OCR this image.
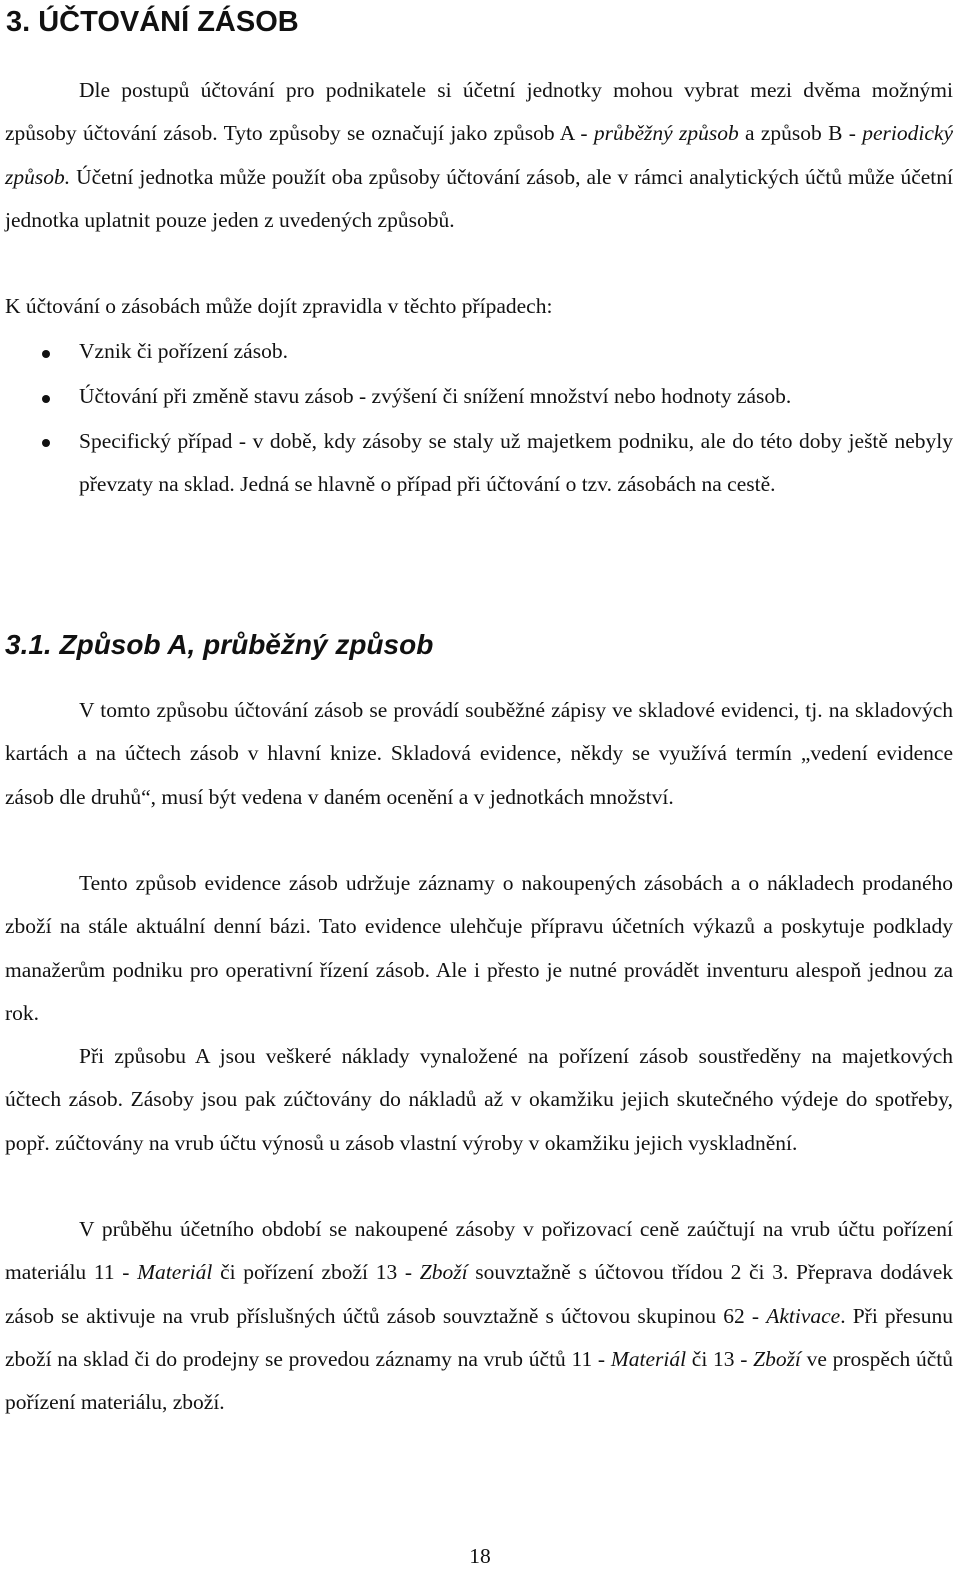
3. ÚČTOVÁNÍ ZÁSOB

Dle postupů účtování pro podnikatele si účetní jednotky mohou vybrat mezi dvěma možnými způsoby účtování zásob. Tyto způsoby se označují jako způsob A - průběžný způsob a způsob B - periodický způsob. Účetní jednotka může použít oba způsoby účtování zásob, ale v rámci analytických účtů může účetní jednotka uplatnit pouze jeden z uvedených způsobů.

K účtování o zásobách může dojít zpravidla v těchto případech:

Vznik či pořízení zásob.

Účtování při změně stavu zásob - zvýšení či snížení množství nebo hodnoty zásob.

Specifický případ - v době, kdy zásoby se staly už majetkem podniku, ale do této doby ještě nebyly převzaty na sklad. Jedná se hlavně o případ při účtování o tzv. zásobách na cestě.

3.1. Způsob A, průběžný způsob

V tomto způsobu účtování zásob se provádí souběžné zápisy ve skladové evidenci, tj. na skladových kartách a na účtech zásob v hlavní knize. Skladová evidence, někdy se využívá termín „vedení evidence zásob dle druhů“, musí být vedena v daném ocenění a v jednotkách množství.

Tento způsob evidence zásob udržuje záznamy o nakoupených zásobách a o nákladech prodaného zboží na stále aktuální denní bázi. Tato evidence ulehčuje přípravu účetních výkazů a poskytuje podklady manažerům podniku pro operativní řízení zásob. Ale i přesto je nutné provádět inventuru alespoň jednou za rok.

Při způsobu A jsou veškeré náklady vynaložené na pořízení zásob soustředěny na majetkových účtech zásob. Zásoby jsou pak zúčtovány do nákladů až v okamžiku jejich skutečného výdeje do spotřeby, popř. zúčtovány na vrub účtu výnosů u zásob vlastní výroby v okamžiku jejich vyskladnění.

V průběhu účetního období se nakoupené zásoby v pořizovací ceně zaúčtují na vrub účtu pořízení materiálu 11 - Materiál či pořízení zboží 13 - Zboží souvztažně s účtovou třídou 2 či 3. Přeprava dodávek zásob se aktivuje na vrub příslušných účtů zásob souvztažně s účtovou skupinou 62 - Aktivace. Při přesunu zboží na sklad či do prodejny se provedou záznamy na vrub účtů 11 - Materiál či 13 - Zboží ve prospěch účtů pořízení materiálu, zboží.

18
